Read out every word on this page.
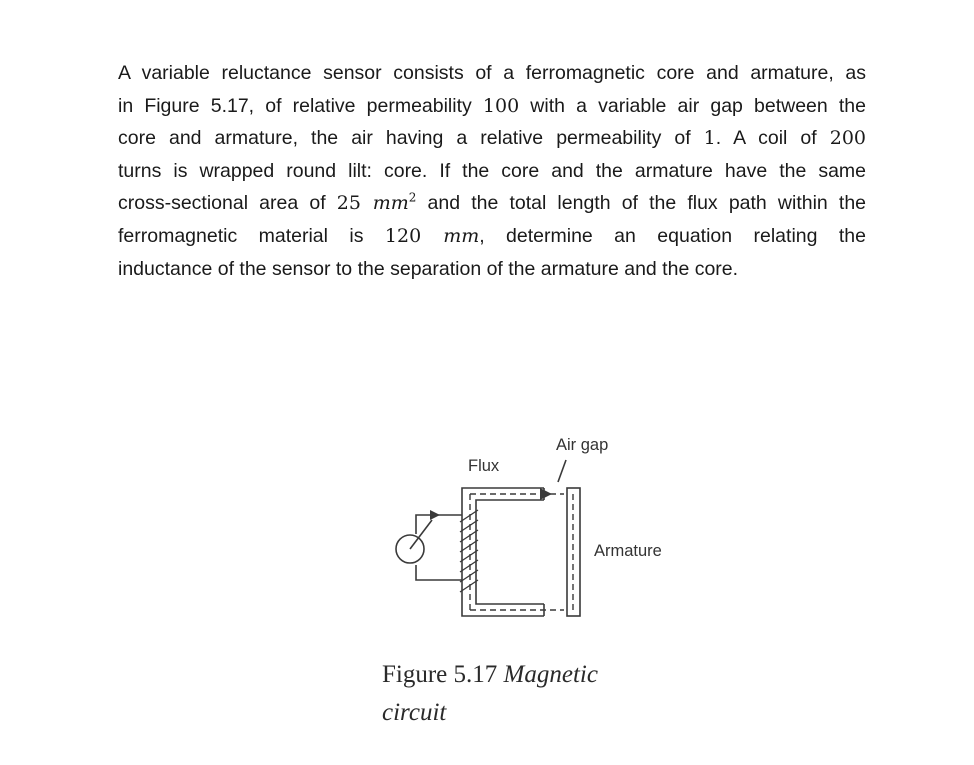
A variable reluctance sensor consists of a ferromagnetic core and armature, as
in Figure 5.17, of relative permeability 100 with a variable air gap between the
core and armature, the air having a relative permeability of 1. A coil of 200
turns is wrapped round lilt: core. If the core and the armature have the same
cross-sectional area of 25 $mm^2$ and the total length of the flux path within the
ferromagnetic material is 120 mm, determine an equation relating the
inductance of the sensor to the separation of the armature and the core.
Air gap
Flux
Armature
Figure 5.17 Magnetic
circuit
